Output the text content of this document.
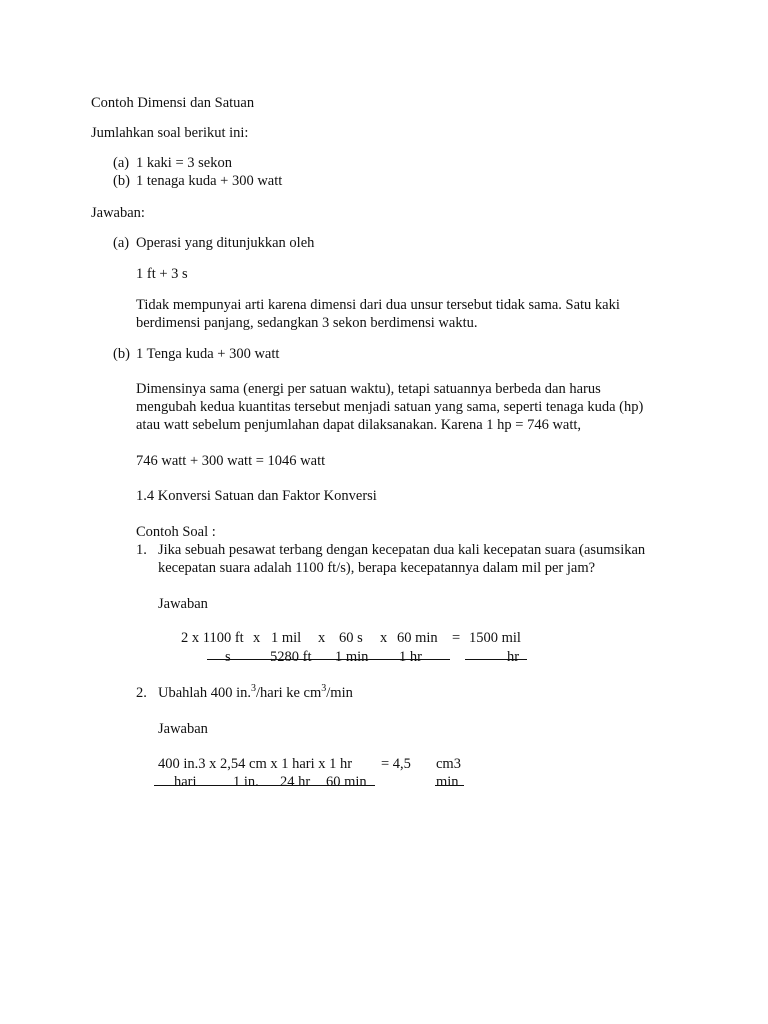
Contoh Dimensi dan Satuan
Jumlahkan soal berikut ini:
(a) 1 kaki = 3 sekon
(b) 1 tenaga kuda + 300 watt
Jawaban:
(a) Operasi yang ditunjukkan oleh
1 ft + 3 s
Tidak mempunyai arti karena dimensi dari dua unsur tersebut tidak sama. Satu kaki
berdimensi panjang, sedangkan 3 sekon berdimensi waktu.
(b) 1 Tenga kuda + 300 watt
Dimensinya sama (energi per satuan waktu), tetapi satuannya berbeda dan harus
mengubah kedua kuantitas tersebut menjadi satuan yang sama, seperti tenaga kuda (hp)
atau watt sebelum penjumlahan dapat dilaksanakan. Karena 1 hp = 746 watt,
746 watt + 300 watt = 1046 watt
1.4 Konversi Satuan dan Faktor Konversi
Contoh Soal :
1. Jika sebuah pesawat terbang dengan kecepatan dua kali kecepatan suara (asumsikan
kecepatan suara adalah 1100 ft/s), berapa kecepatannya dalam mil per jam?
Jawaban
2 x 1100 ft x 1 mil x 60 s x 60 min = 1500 mil
s	5280 ft 1 min 1 hr	hr
2. Ubahlah 400 in.$^3$/hari ke $cm^3/\min$
Jawaban
400 in.3 x 2,54 cm x 1 hari x 1 hr = 4,5 cm3
hari	1 in. 24 hr 60 min	min
